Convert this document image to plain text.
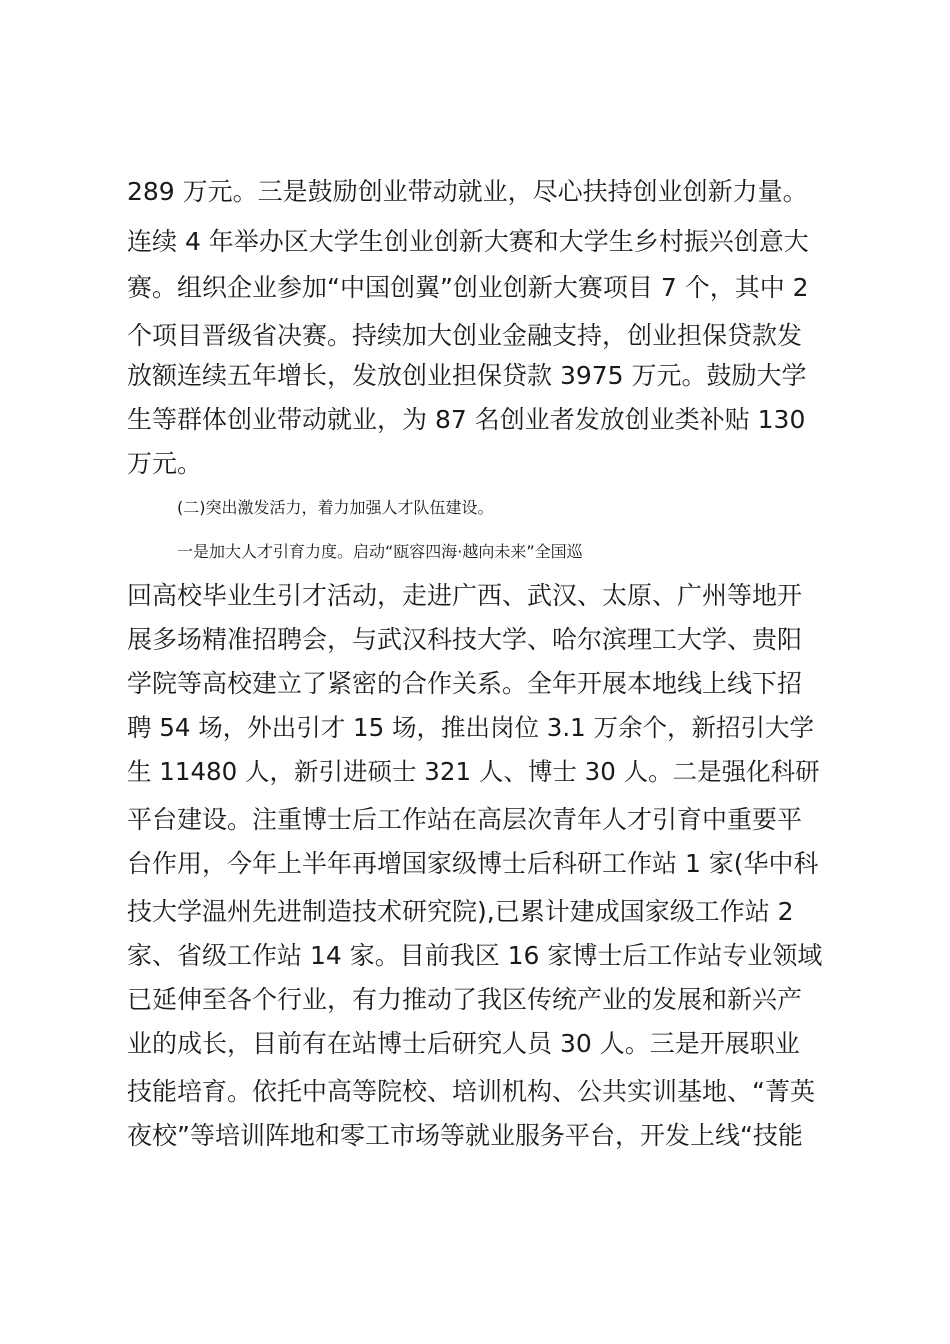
289 万元。三是鼓励创业带动就业，尽心扶持创业创新力量。
连续 4 年举办区大学生创业创新大赛和大学生乡村振兴创意大
赛。组织企业参加“中国创翼”创业创新大赛项目 7 个，其中 2
个项目晋级省决赛。持续加大创业金融支持，创业担保贷款发
放额连续五年增长，发放创业担保贷款 3975 万元。鼓励大学
生等群体创业带动就业，为 87 名创业者发放创业类补贴 130
万元。
(二)突出激发活力，着力加强人才队伍建设。
一是加大人才引育力度。启动“瓯容四海·越向未来”全国巡
回高校毕业生引才活动，走进广西、武汉、太原、广州等地开
展多场精准招聘会，与武汉科技大学、哈尔滨理工大学、贵阳
学院等高校建立了紧密的合作关系。全年开展本地线上线下招
聘 54 场，外出引才 15 场，推出岗位 3.1 万余个，新招引大学
生 11480 人，新引进硕士 321 人、博士 30 人。二是强化科研
平台建设。注重博士后工作站在高层次青年人才引育中重要平
台作用，今年上半年再增国家级博士后科研工作站 1 家(华中科
技大学温州先进制造技术研究院),已累计建成国家级工作站 2
家、省级工作站 14 家。目前我区 16 家博士后工作站专业领域
已延伸至各个行业，有力推动了我区传统产业的发展和新兴产
业的成长，目前有在站博士后研究人员 30 人。三是开展职业
技能培育。依托中高等院校、培训机构、公共实训基地、“菁英
夜校”等培训阵地和零工市场等就业服务平台，开发上线“技能
